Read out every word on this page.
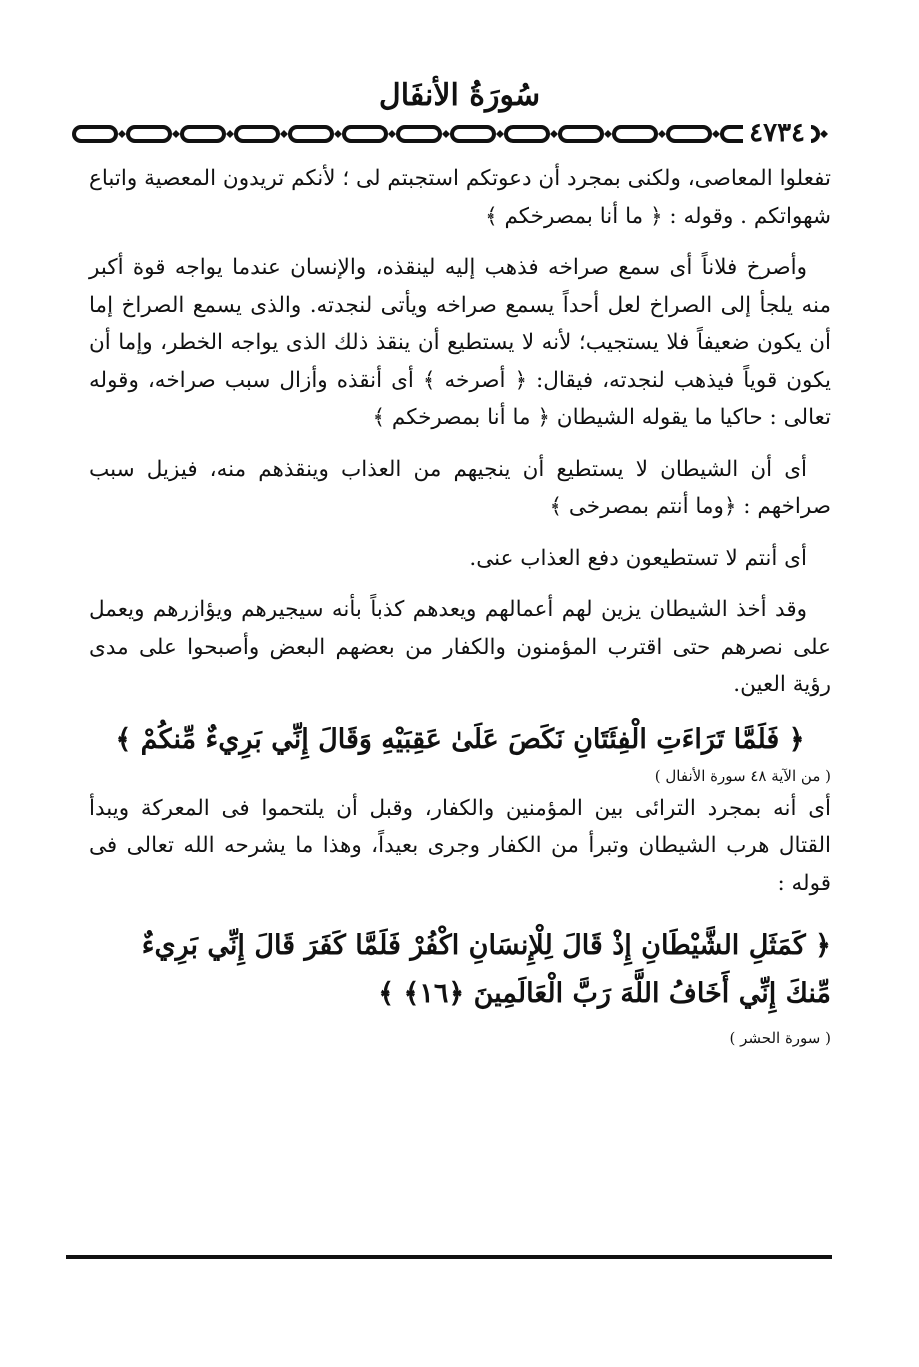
سُورَةُ الأنفَال
٤٧٣٤

تفعلوا المعاصى، ولكنى بمجرد أن دعوتكم استجبتم لى ؛ لأنكم تريدون المعصية واتباع شهواتكم . وقوله : ﴿ ما أنا بمصرخكم ﴾

وأصرخ فلاناً أى سمع صراخه فذهب إليه لينقذه، والإنسان عندما يواجه قوة أكبر منه يلجأ إلى الصراخ لعل أحداً يسمع صراخه ويأتى لنجدته. والذى يسمع الصراخ إما أن يكون ضعيفاً فلا يستجيب؛ لأنه لا يستطيع أن ينقذ ذلك الذى يواجه الخطر، وإما أن يكون قوياً فيذهب لنجدته، فيقال: ﴿ أصرخه ﴾ أى أنقذه وأزال سبب صراخه، وقوله تعالى : حاكيا ما يقوله الشيطان ﴿ ما أنا بمصرخكم ﴾

أى أن الشيطان لا يستطيع أن ينجيهم من العذاب وينقذهم منه، فيزيل سبب صراخهم : ﴿وما أنتم بمصرخى ﴾

أى أنتم لا تستطيعون دفع العذاب عنى.

وقد أخذ الشيطان يزين لهم أعمالهم ويعدهم كذباً بأنه سيجيرهم ويؤازرهم ويعمل على نصرهم حتى اقترب المؤمنون والكفار من بعضهم البعض وأصبحوا على مدى رؤية العين.

﴿ فَلَمَّا تَرَاءَتِ الْفِئَتَانِ نَكَصَ عَلَىٰ عَقِبَيْهِ وَقَالَ إِنِّي بَرِيءٌ مِّنكُمْ ﴾
( من الآية ٤٨ سورة الأنفال )

أى أنه بمجرد الترائى بين المؤمنين والكفار، وقبل أن يلتحموا فى المعركة ويبدأ القتال هرب الشيطان وتبرأ من الكفار وجرى بعيداً، وهذا ما يشرحه الله تعالى فى قوله :

﴿ كَمَثَلِ الشَّيْطَانِ إِذْ قَالَ لِلْإِنسَانِ اكْفُرْ فَلَمَّا كَفَرَ قَالَ إِنِّي بَرِيءٌ مِّنكَ إِنِّي أَخَافُ اللَّهَ رَبَّ الْعَالَمِينَ ﴿١٦﴾ ﴾
( سورة الحشر )
